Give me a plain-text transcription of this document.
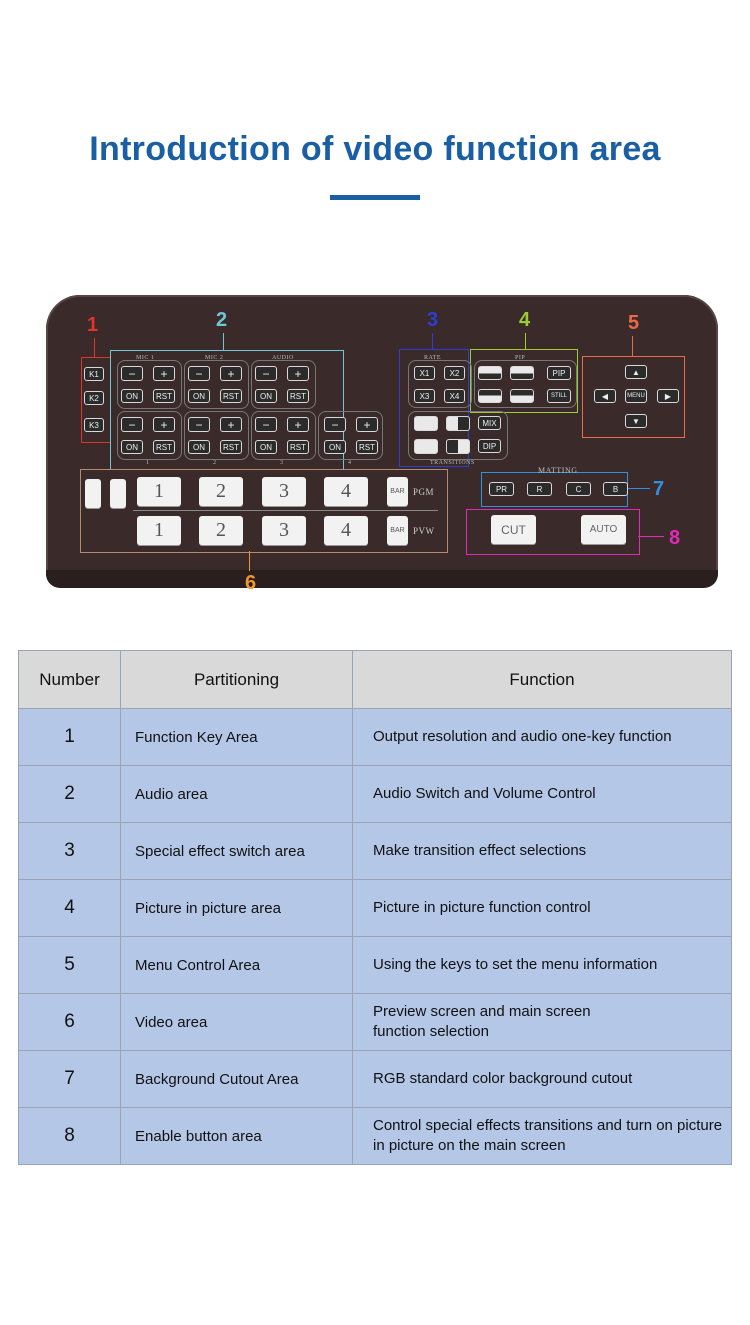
Introduction of video function area
1	2	3	4	5
6
7
8
K1
K2
K3
MIC 1	MIC 2	AUDIO
−	+
ON	RST
−	+
ON	RST
−	+
ON	RST
−	+
ON	RST
−	+
ON	RST
−	+
ON	RST
−	+
ON	RST
1	2	3	4
RATE
X1	X2
X3	X4
MIX
DIP
TRANSITIONS
PIP
PIP
STILL
▲
◀	MENU	▶
▼
1	2	3	4	BAR PGM
1	2	3	4	BAR PVW
MATTING
PR	R	C	B
CUT	AUTO
Number	Partitioning	Function
1	Function Key Area	Output resolution and audio one-key function
2	Audio area	Audio Switch and Volume Control
3	Special effect switch area	Make transition effect selections
4	Picture in picture area	Picture in picture function control
5	Menu Control Area	Using the keys to set the menu information
6	Video area	Preview screen and main screen function selection
7	Background Cutout Area	RGB standard color background cutout
8	Enable button area	Control special effects transitions and turn on picture in picture on the main screen
